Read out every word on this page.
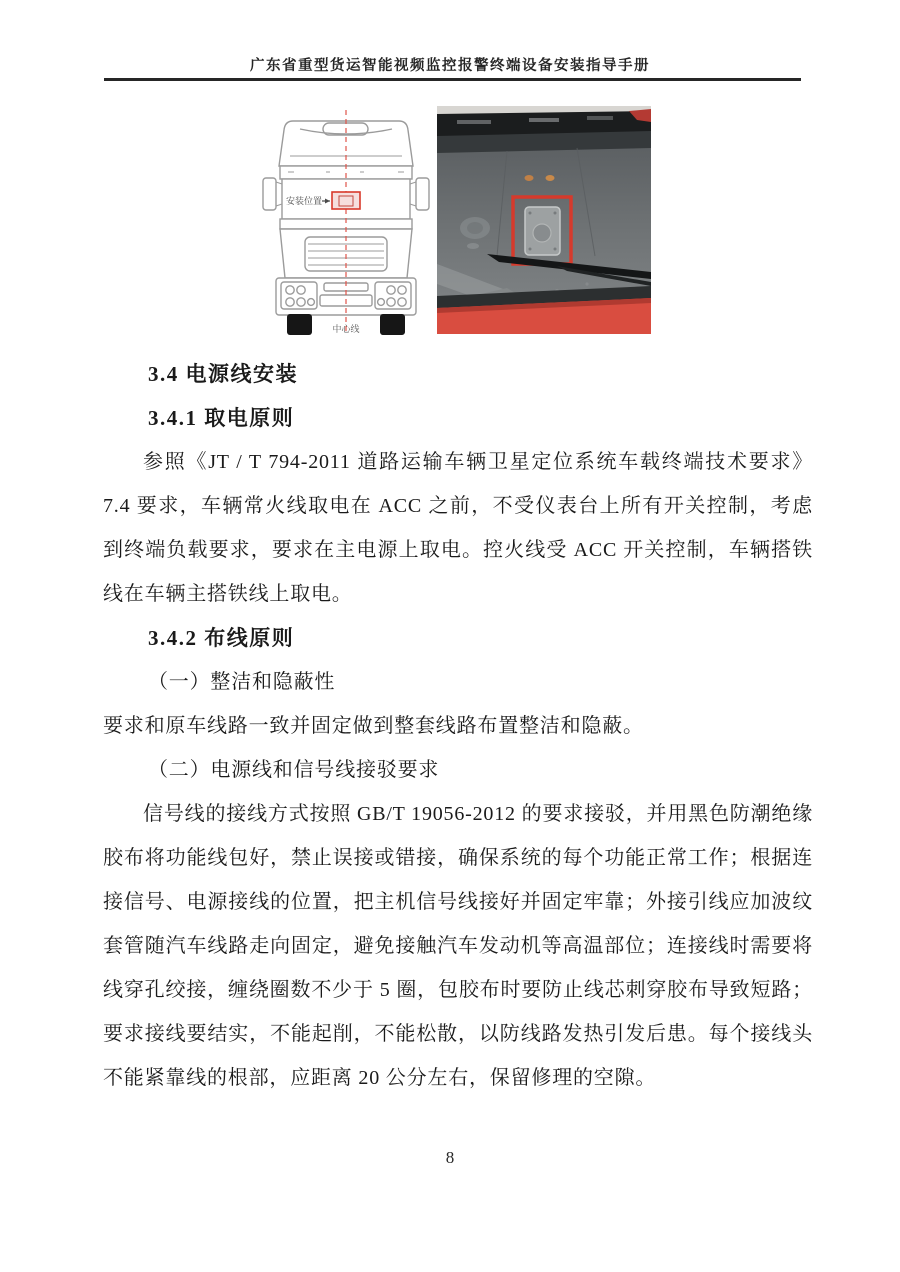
广东省重型货运智能视频监控报警终端设备安装指导手册
安装位置
中心线
3.4 电源线安装
3.4.1 取电原则

参照《JT / T 794-2011 道路运输车辆卫星定位系统车载终端技术要求》7.4 要求，车辆常火线取电在 ACC 之前，不受仪表台上所有开关控制，考虑到终端负载要求，要求在主电源上取电。控火线受 ACC 开关控制，车辆搭铁线在车辆主搭铁线上取电。

3.4.2 布线原则

（一）整洁和隐蔽性

要求和原车线路一致并固定做到整套线路布置整洁和隐蔽。

（二）电源线和信号线接驳要求

信号线的接线方式按照 GB/T 19056-2012 的要求接驳，并用黑色防潮绝缘胶布将功能线包好，禁止误接或错接，确保系统的每个功能正常工作；根据连接信号、电源接线的位置，把主机信号线接好并固定牢靠；外接引线应加波纹套管随汽车线路走向固定，避免接触汽车发动机等高温部位；连接线时需要将线穿孔绞接，缠绕圈数不少于 5 圈，包胶布时要防止线芯刺穿胶布导致短路；要求接线要结实，不能起削，不能松散，以防线路发热引发后患。每个接线头不能紧靠线的根部，应距离 20 公分左右，保留修理的空隙。

8
